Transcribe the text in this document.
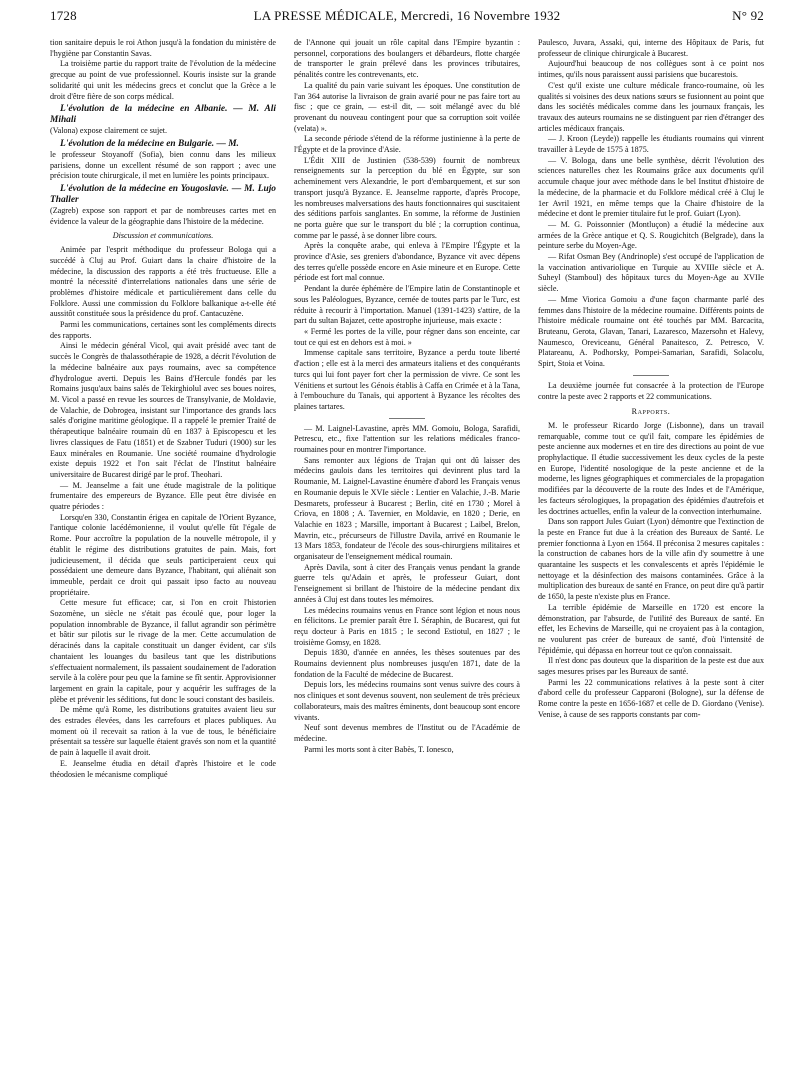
1728	LA PRESSE MÉDICALE, Mercredi, 16 Novembre 1932	N° 92

tion sanitaire depuis le roi Athon jusqu'à la fondation du ministère de l'hygiène par Constantin Savas.

La troisième partie du rapport traite de l'évolution de la médecine grecque au point de vue professionnel. Kouris insiste sur la grande solidarité qui unit les médecins grecs et conclut que la Grèce a le droit d'être fière de son corps médical.

L'évolution de la médecine en Albanie. — M. Ali Mihali

(Valona) expose clairement ce sujet.

L'évolution de la médecine en Bulgarie. — M.

le professeur Stoyanoff (Sofia), bien connu dans les milieux parisiens, donne un excellent résumé de son rapport ; avec une précision toute chirurgicale, il met en lumière les points principaux.

L'évolution de la médecine en Yougoslavie. — M. Lujo Thaller

(Zagreb) expose son rapport et par de nombreuses cartes met en évidence la valeur de la géographie dans l'histoire de la médecine.

Discussion et communications.

Animée par l'esprit méthodique du professeur Bologa qui a succédé à Cluj au Prof. Guiart dans la chaire d'histoire de la médecine, la discussion des rapports a été très fructueuse. Elle a montré la nécessité d'interrelations nationales dans une série de problèmes d'histoire médicale et particulièrement dans celle du Folklore. Aussi une commission du Folklore balkanique a-t-elle été aussitôt constituée sous la présidence du prof. Cantacuzène.

Parmi les communications, certaines sont les compléments directs des rapports.

Ainsi le médecin général Vicol, qui avait présidé avec tant de succès le Congrès de thalassothérapie de 1928, a décrit l'évolution de la médecine balnéaire aux pays roumains, avec sa compétence d'hydrologue averti. Depuis les Bains d'Hercule fondés par les Romains jusqu'aux bains salés de Tekirghiolul avec ses boues noires, M. Vicol a passé en revue les sources de Transylvanie, de Moldavie, de Valachie, de Dobrogea, insistant sur l'importance des grands lacs salés d'origine maritime géologique. Il a rappelé le premier Traité de thérapeutique balnéaire roumain dû en 1837 à Episcopescu et les livres classiques de Fatu (1851) et de Szabner Tuduri (1900) sur les Eaux minérales en Roumanie. Une société roumaine d'hydrologie existe depuis 1922 et l'on sait l'éclat de l'Institut balnéaire universitaire de Bucarest dirigé par le prof. Theohari.

— M. Jeanselme a fait une étude magistrale de la politique frumentaire des empereurs de Byzance. Elle peut être divisée en quatre périodes :

Lorsqu'en 330, Constantin érigea en capitale de l'Orient Byzance, l'antique colonie lacédémonienne, il voulut qu'elle fût l'égale de Rome. Pour accroître la population de la nouvelle métropole, il y établit le régime des distributions gratuites de pain. Mais, fort judicieusement, il décida que seuls participeraient ceux qui possédaient une demeure dans Byzance, l'habitant, qui aliénait son immeuble, perdait ce droit qui passait ipso facto au nouveau propriétaire.

Cette mesure fut efficace; car, si l'on en croit l'historien Sozomène, un siècle ne s'était pas écoulé que, pour loger la population innombrable de Byzance, il fallut agrandir son périmètre et bâtir sur pilotis sur le rivage de la mer. Cette accumulation de déracinés dans la capitale constituait un danger évident, car s'ils chantaient les louanges du basileus tant que les distributions s'effectuaient normalement, ils passaient soudainement de l'adoration servile à la colère pour peu que la famine se fît sentir. Approvisionner largement en grain la capitale, pour y acquérir les suffrages de la plèbe et prévenir les séditions, fut donc le souci constant des basileis.

De même qu'à Rome, les distributions gratuites avaient lieu sur des estrades élevées, dans les carrefours et places publiques. Au moment où il recevait sa ration à la vue de tous, le bénéficiaire présentait sa tessère sur laquelle étaient gravés son nom et la quantité de pain à laquelle il avait droit.

E. Jeanselme étudia en détail d'après l'histoire et le code théodosien le mécanisme compliqué

de l'Annone qui jouait un rôle capital dans l'Empire byzantin : personnel, corporations des boulangers et débardeurs, flotte chargée de transporter le grain prélevé dans les provinces tributaires, pénalités contre les contrevenants, etc.

La qualité du pain varie suivant les époques. Une constitution de l'an 364 autorise la livraison de grain avarié pour ne pas faire tort au fisc ; que ce grain, — est-il dit, — soit mélangé avec du blé provenant du nouveau contingent pour que sa corruption soit voilée (velata) ».

La seconde période s'étend de la réforme justinienne à la perte de l'Égypte et de la province d'Asie.

L'Édit XIII de Justinien (538-539) fournit de nombreux renseignements sur la perception du blé en Égypte, sur son acheminement vers Alexandrie, le port d'embarquement, et sur son transport jusqu'à Byzance. E. Jeanselme rapporte, d'après Procope, les nombreuses malversations des hauts fonctionnaires qui suscitaient des séditions parfois sanglantes. En somme, la réforme de Justinien ne porta guère que sur le transport du blé ; la corruption continua, comme par le passé, à se donner libre cours.

Après la conquête arabe, qui enleva à l'Empire l'Égypte et la province d'Asie, ses greniers d'abondance, Byzance vit avec dépens des terres qu'elle possède encore en Asie mineure et en Europe. Cette période est fort mal connue.

Pendant la durée éphémère de l'Empire latin de Constantinople et sous les Paléologues, Byzance, cernée de toutes parts par le Turc, est réduite à recourir à l'importation. Manuel (1391-1423) s'attire, de la part du sultan Bajazet, cette apostrophe injurieuse, mais exacte :

« Fermé les portes de la ville, pour régner dans son enceinte, car tout ce qui est en dehors est à moi. »

Immense capitale sans territoire, Byzance a perdu toute liberté d'action ; elle est à la merci des armateurs italiens et des conquérants turcs qui lui font payer fort cher la permission de vivre. Ce sont les Vénitiens et surtout les Génois établis à Caffa en Crimée et à la Tana, à l'embouchure du Tanaïs, qui apportent à Byzance les récoltes des plaines tartares.

— M. Laignel-Lavastine, après MM. Gomoiu, Bologa, Sarafidi, Petrescu, etc., fixe l'attention sur les relations médicales franco-roumaines pour en montrer l'importance.

Sans remonter aux légions de Trajan qui ont dû laisser des médecins gaulois dans les territoires qui devinrent plus tard la Roumanie, M. Laignel-Lavastine énumère d'abord les Français venus en Roumanie depuis le XVIe siècle : Lentier en Valachie, J.-B. Marie Desmarets, professeur à Bucarest ; Berlin, cité en 1730 ; Morel à Crïova, en 1808 ; A. Tavernier, en Moldavie, en 1820 ; Derie, en Valachie en 1823 ; Marsille, important à Bucarest ; Laibel, Brelon, Mavrin, etc., précurseurs de l'illustre Davila, arrivé en Roumanie le 13 Mars 1853, fondateur de l'école des sous-chirurgiens militaires et organisateur de l'enseignement médical roumain.

Après Davila, sont à citer des Français venus pendant la grande guerre tels qu'Adain et après, le professeur Guiart, dont l'enseignement si brillant de l'histoire de la médecine pendant dix années à Cluj est dans toutes les mémoires.

Les médecins roumains venus en France sont légion et nous nous en félicitons. Le premier paraît être I. Séraphin, de Bucarest, qui fut reçu docteur à Paris en 1815 ; le second Estiotul, en 1827 ; le troisième Gomsy, en 1828.

Depuis 1830, d'année en années, les thèses soutenues par des Roumains deviennent plus nombreuses jusqu'en 1871, date de la fondation de la Faculté de médecine de Bucarest.

Depuis lors, les médecins roumains sont venus suivre des cours à nos cliniques et sont devenus souvent, non seulement de très précieux collaborateurs, mais des maîtres éminents, dont beaucoup sont encore vivants.

Neuf sont devenus membres de l'Institut ou de l'Académie de médecine.

Parmi les morts sont à citer Babès, T. Ionesco,

Paulesco, Juvara, Assaki, qui, interne des Hôpitaux de Paris, fut professeur de clinique chirurgicale à Bucarest.

Aujourd'hui beaucoup de nos collègues sont à ce point nos intimes, qu'ils nous paraissent aussi parisiens que bucarestois.

C'est qu'il existe une culture médicale franco-roumaine, où les qualités si voisines des deux nations sœurs se fusionnent au point que dans les sociétés médicales comme dans les journaux français, les travaux des auteurs roumains ne se distinguent par rien d'étranger des articles médicaux français.

— J. Kroon (Leyde)) rappelle les étudiants roumains qui vinrent travailler à Leyde de 1575 à 1875.

— V. Bologa, dans une belle synthèse, décrit l'évolution des sciences naturelles chez les Roumains grâce aux documents qu'il accumule chaque jour avec méthode dans le bel Institut d'histoire de la médecine, de la pharmacie et du Folklore médical créé à Cluj le 1er Avril 1921, en même temps que la Chaire d'histoire de la médecine et dont le premier titulaire fut le prof. Guiart (Lyon).

— M. G. Poissonnier (Montluçon) a étudié la médecine aux armées de la Grèce antique et Q. S. Rougichitch (Belgrade), dans la peinture serbe du Moyen-Age.

— Rifat Osman Bey (Andrinople) s'est occupé de l'application de la vaccination antivariolique en Turquie au XVIIIe siècle et A. Suheyl (Stamboul) des hôpitaux turcs du Moyen-Age au XVIIe siècle.

— Mme Viorica Gomoiu a d'une façon charmante parlé des femmes dans l'histoire de la médecine roumaine. Différents points de l'histoire médicale roumaine ont été touchés par MM. Barcacita, Bruteanu, Gerota, Glavan, Tanari, Lazaresco, Mazersohn et Halevy, Naumesco, Oreviceanu, Général Panaitesco, Z. Petresco, V. Platareanu, A. Podhorsky, Pompei-Samarian, Sarafidi, Solacolu, Spirt, Stoia et Voina.

La deuxième journée fut consacrée à la protection de l'Europe contre la peste avec 2 rapports et 22 communications.

Rapports.

M. le professeur Ricardo Jorge (Lisbonne), dans un travail remarquable, comme tout ce qu'il fait, compare les épidémies de peste ancienne aux modernes et en tire des directions au point de vue prophylactique. Il étudie successivement les deux cycles de la peste en Europe, l'identité nosologique de la peste ancienne et de la moderne, les lignes géographiques et commerciales de la propagation modifiées par la découverte de la route des Indes et de l'Amérique, les facteurs sérologiques, la propagation des épidémies d'autrefois et les doctrines actuelles, enfin la valeur de la convection interhumaine.

Dans son rapport Jules Guiart (Lyon) démontre que l'extinction de la peste en France fut due à la création des Bureaux de Santé. Le premier fonctionna à Lyon en 1564. Il préconisa 2 mesures capitales : la construction de cabanes hors de la ville afin d'y soumettre à une quarantaine les suspects et les convalescents et après l'épidémie le nettoyage et la désinfection des maisons contaminées. Grâce à la multiplication des bureaux de santé en France, on peut dire qu'à partir de 1650, la peste n'existe plus en France.

La terrible épidémie de Marseille en 1720 est encore la démonstration, par l'absurde, de l'utilité des Bureaux de santé. En effet, les Echevins de Marseille, qui ne croyaient pas à la contagion, ne voulurent pas créer de bureaux de santé, d'où l'intensité de l'épidémie, qui dépassa en horreur tout ce qu'on connaissait.

Il n'est donc pas douteux que la disparition de la peste est due aux sages mesures prises par les Bureaux de santé.

Parmi les 22 communications relatives à la peste sont à citer d'abord celle du professeur Capparoni (Bologne), sur la défense de Rome contre la peste en 1656-1687 et celle de D. Giordano (Venise). Venise, à cause de ses rapports constants par com-
